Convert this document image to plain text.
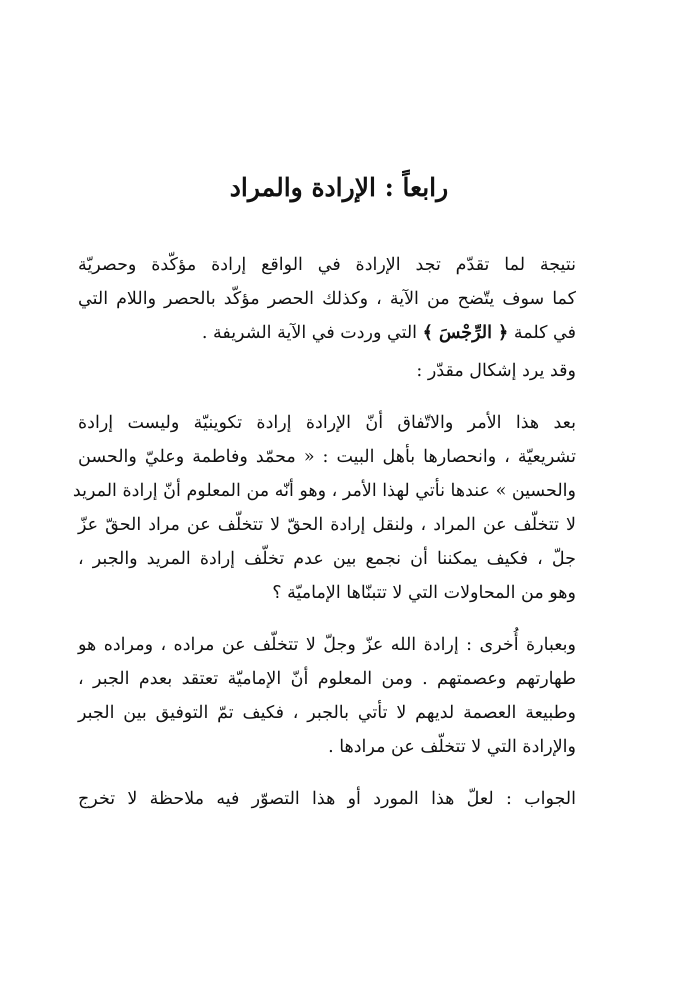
رابعاً : الإرادة والمراد

نتيجة لما تقدّم تجد الإرادة في الواقع إرادة مؤكّدة وحصريّة
كما سوف يتّضح من الآية ، وكذلك الحصر مؤكّد بالحصر واللام التي
في كلمة ﴿ الرِّجْسَ ﴾ التي وردت في الآية الشريفة .

وقد يرد إشكال مقدّر :

بعد هذا الأمر والاتّفاق أنّ الإرادة إرادة تكوينيّة وليست إرادة
تشريعيّة ، وانحصارها بأهل البيت : « محمّد وفاطمة وعليّ والحسن
والحسين » عندها نأتي لهذا الأمر ، وهو أنّه من المعلوم أنّ إرادة المريد
لا تتخلّف عن المراد ، ولنقل إرادة الحقّ لا تتخلّف عن مراد الحقّ عزّ
جلّ ، فكيف يمكننا أن نجمع بين عدم تخلّف إرادة المريد والجبر ،
وهو من المحاولات التي لا تتبنّاها الإماميّة ؟

وبعبارة أُخرى : إرادة الله عزّ وجلّ لا تتخلّف عن مراده ، ومراده هو
طهارتهم وعصمتهم . ومن المعلوم أنّ الإماميّة تعتقد بعدم الجبر ،
وطبيعة العصمة لديهم لا تأتي بالجبر ، فكيف تمّ التوفيق بين الجبر
والإرادة التي لا تتخلّف عن مرادها .

الجواب : لعلّ هذا المورد أو هذا التصوّر فيه ملاحظة لا تخرج
